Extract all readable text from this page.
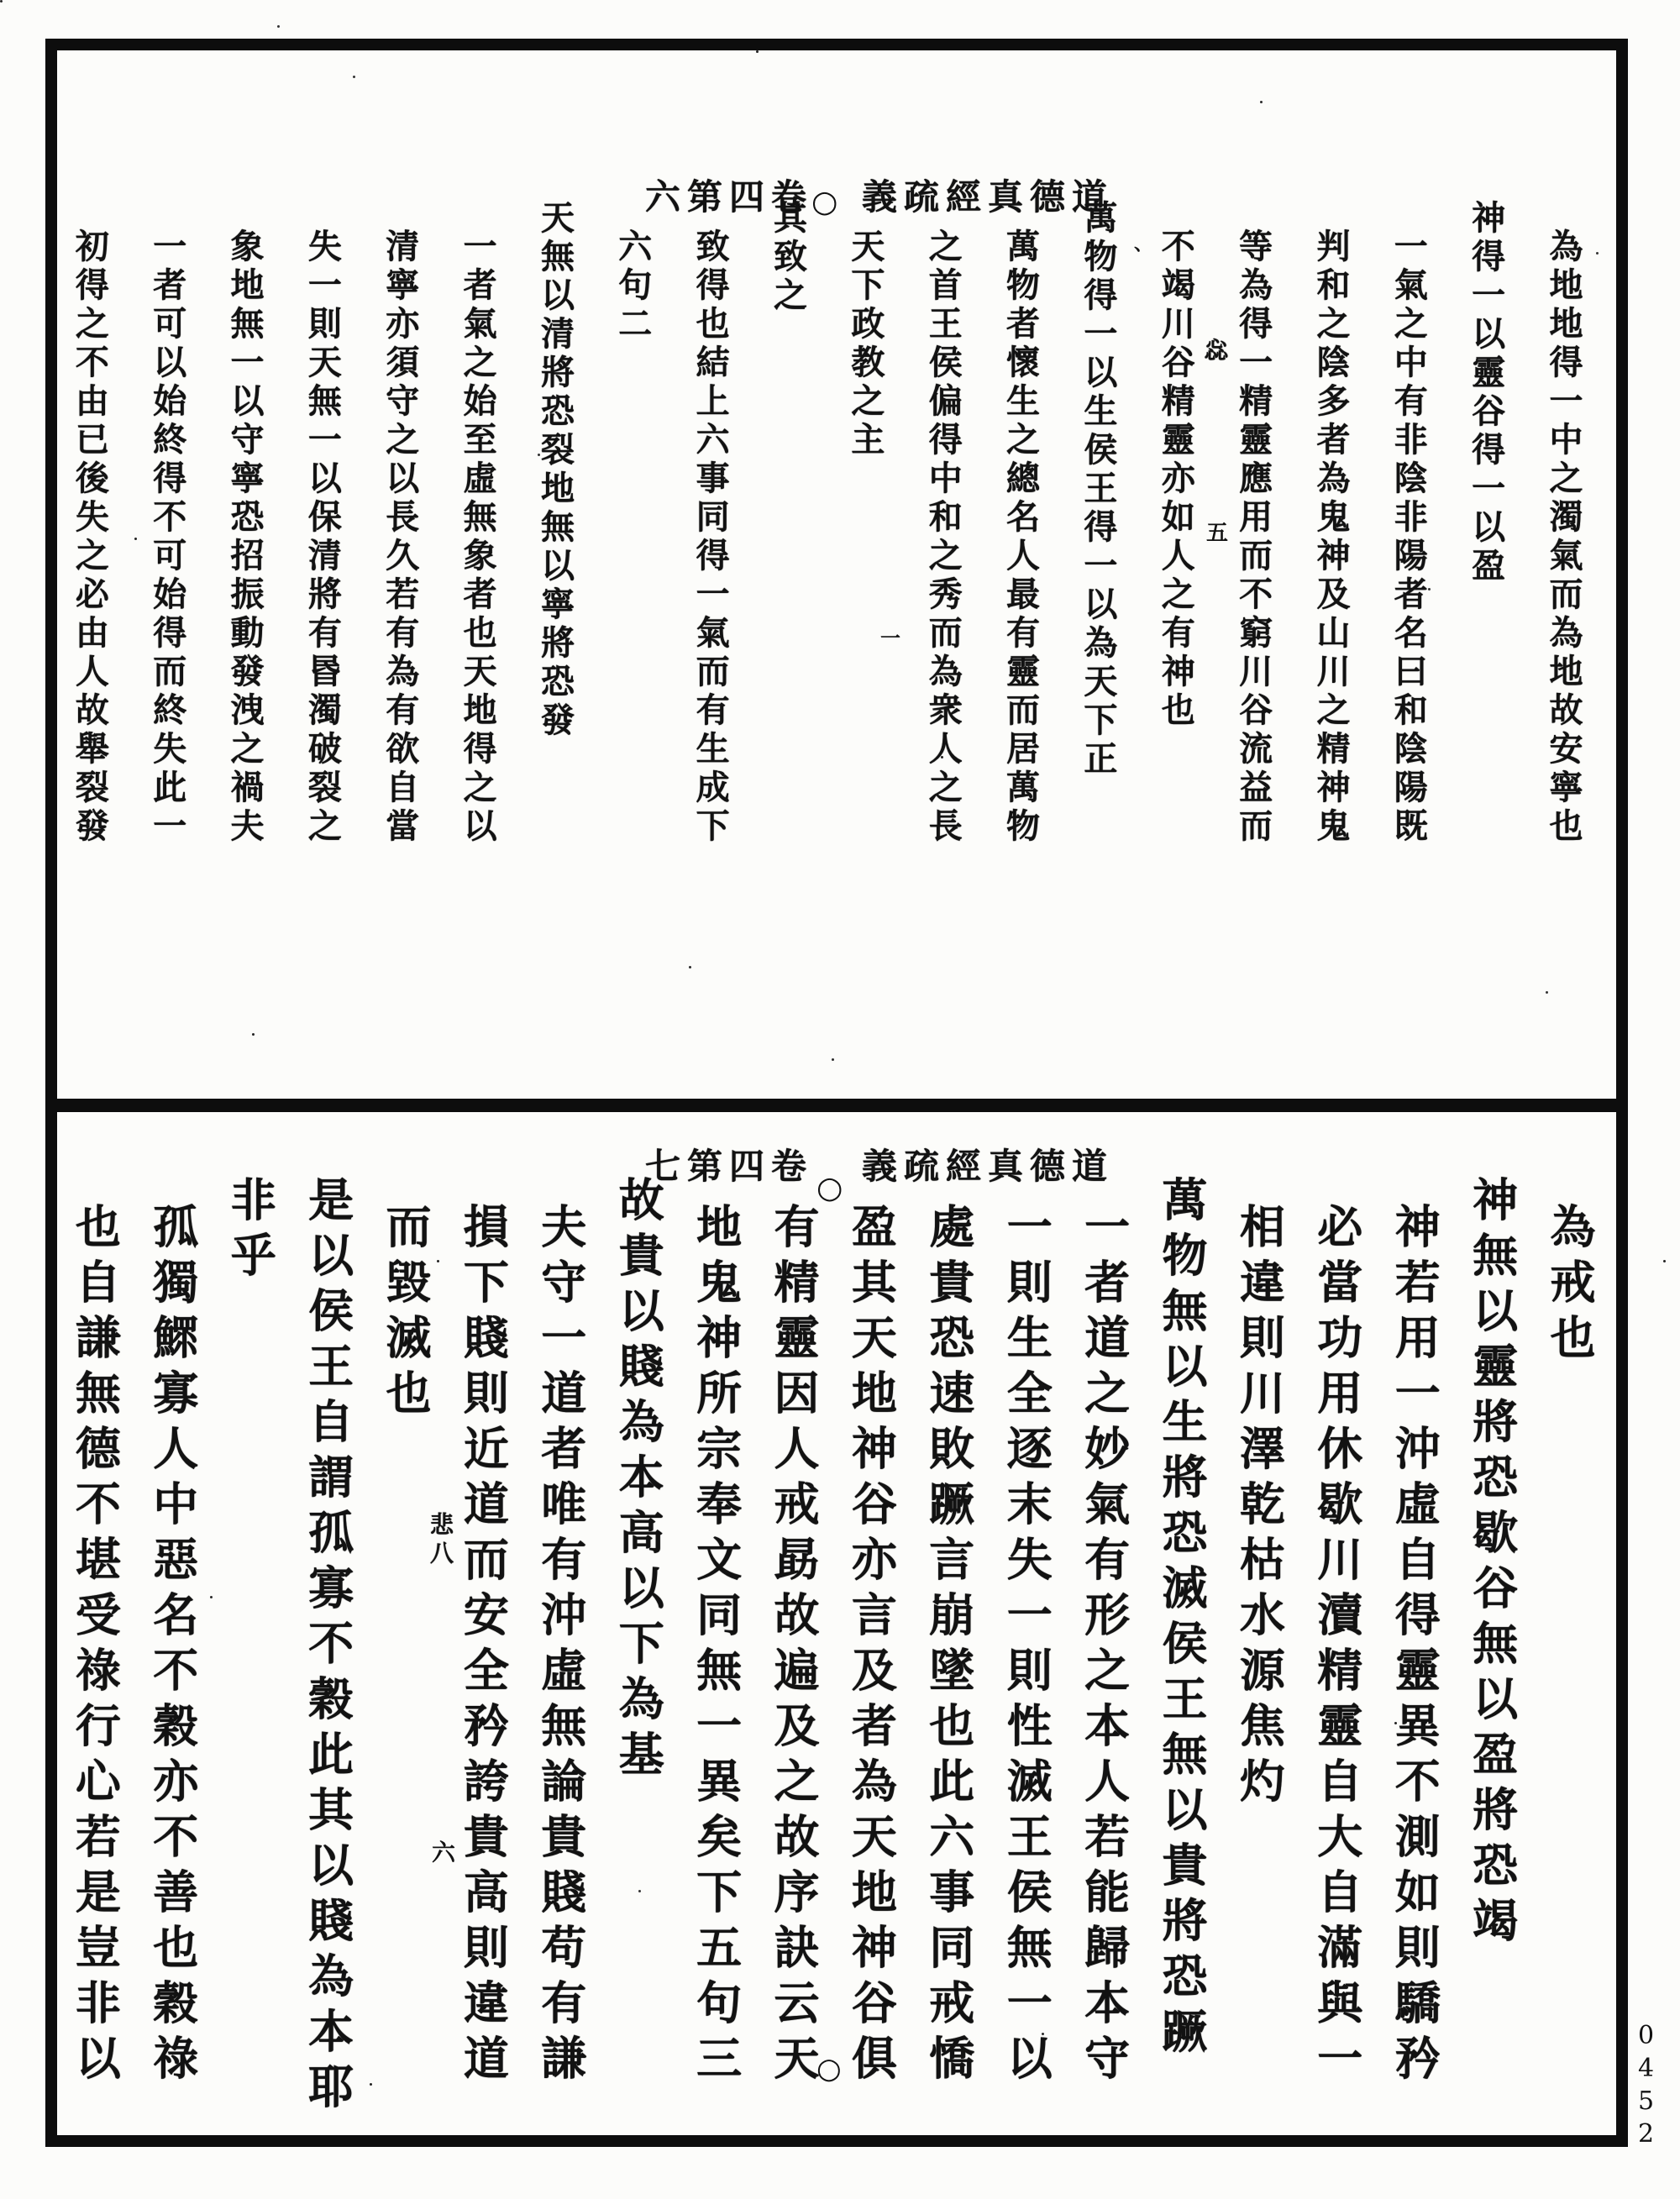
卷四第六 道德真經疏義
卷四第七 道德真經疏義
為地地得一中之濁氣而為地故安寧也
神得一以靈谷得一以盈
一氣之中有非陰非陽者名曰和陰陽既
判和之陰多者為鬼神及山川之精神鬼
等為得一精靈應用而不窮川谷流益而
不竭川谷精靈亦如人之有神也
萬物得一以生侯王得一以為天下正
萬物者懷生之總名人最有靈而居萬物
之首王侯偏得中和之秀而為衆人之長
天下政教之主
其致之
致得也結上六事同得一氣而有生成下
六句二
天無以清將恐裂地無以寧將恐發
一者氣之始至虛無象者也天地得之以
清寧亦須守之以長久若有為有欲自當
失一則天無一以保清將有昬濁破裂之
象地無一以守寧恐招振動發洩之禍夫
一者可以始終得不可始得而終失此一
初得之不由已後失之必由人故舉裂發
○
、
惢
五
一
為戒也
神無以靈將恐歇谷無以盈將恐竭
神若用一沖虛自得靈異不測如則驕矜
必當功用休歇川瀆精靈自大自滿與一
相違則川澤乾枯水源焦灼
萬物無以生將恐滅侯王無以貴將恐蹶
一者道之妙氣有形之本人若能歸本守
一則生全逐末失一則性滅王侯無一以
處貴恐速敗蹶言崩墜也此六事同戒憍
盈其天地神谷亦言及者為天地神谷俱
有精靈因人戒勗故遍及之故序訣云天
地鬼神所宗奉文同無一異矣下五句三
故貴以賤為本高以下為基
夫守一道者唯有沖虛無論貴賤苟有謙
損下賤則近道而安全矜誇貴高則違道
而毀滅也
是以侯王自謂孤寡不穀此其以賤為本耶
非乎
孤獨鰥寡人中惡名不穀亦不善也穀祿
也自謙無德不堪受祿行心若是豈非以
○
悲八
六
○	0452
